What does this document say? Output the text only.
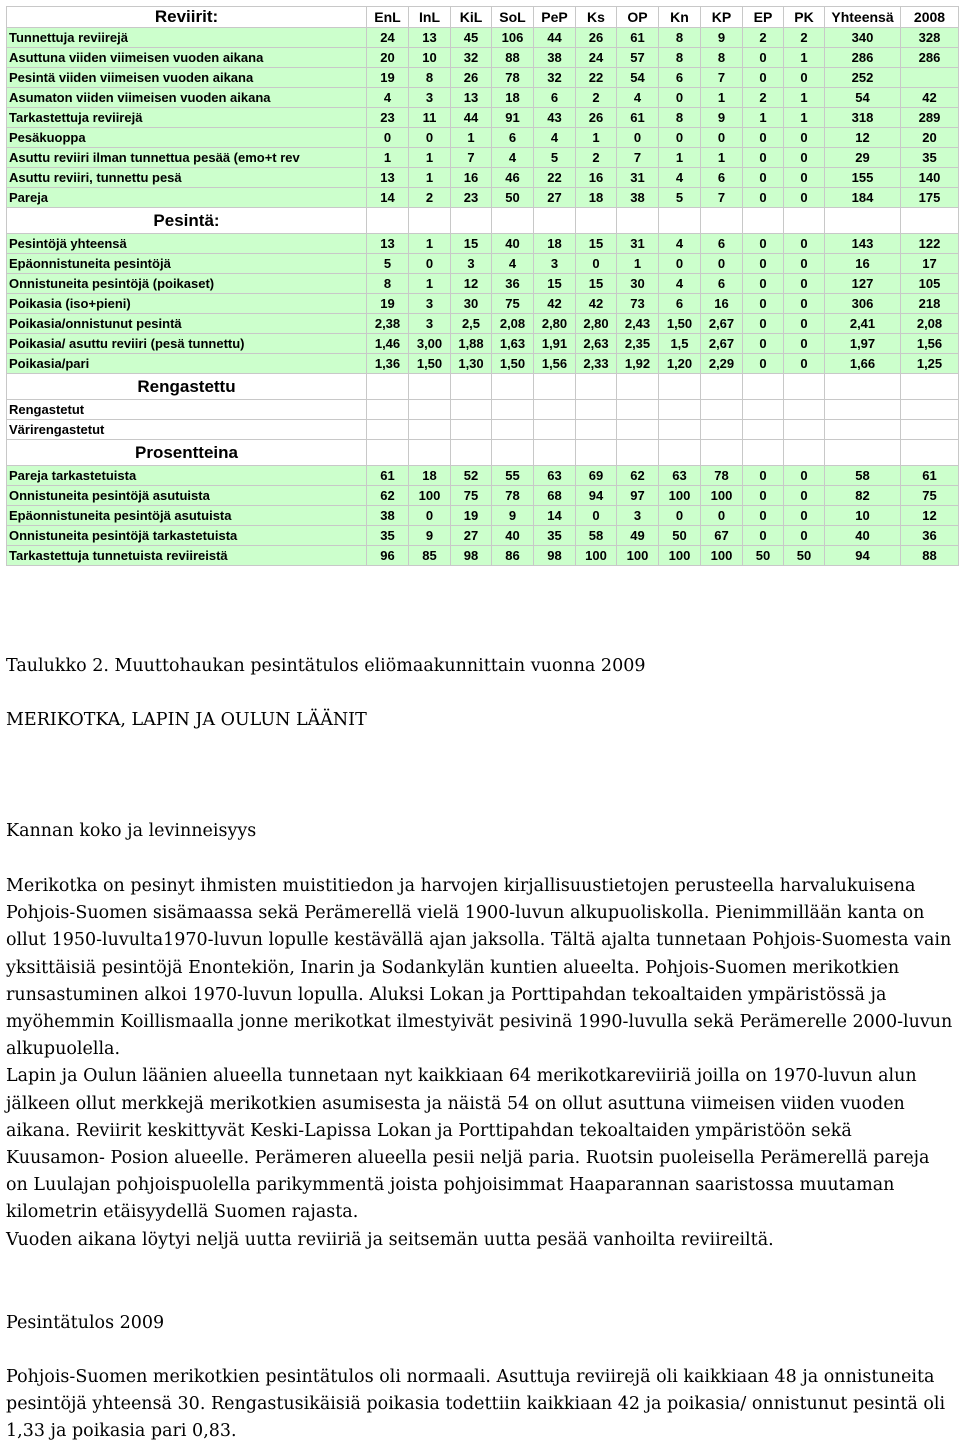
Reviirit:	EnL	InL	KiL	SoL	PeP	Ks	OP	Kn	KP	EP	PK	Yhteensä	2008
Tunnettuja reviirejä	24	13	45	106	44	26	61	8	9	2	2	340	328
Asuttuna viiden viimeisen vuoden aikana	20	10	32	88	38	24	57	8	8	0	1	286	286
Pesintä viiden viimeisen vuoden aikana	19	8	26	78	32	22	54	6	7	0	0	252	
Asumaton viiden viimeisen vuoden aikana	4	3	13	18	6	2	4	0	1	2	1	54	42
Tarkastettuja reviirejä	23	11	44	91	43	26	61	8	9	1	1	318	289
Pesäkuoppa	0	0	1	6	4	1	0	0	0	0	0	12	20
Asuttu reviiri ilman tunnettua pesää (emo+t rev	1	1	7	4	5	2	7	1	1	0	0	29	35
Asuttu reviiri, tunnettu pesä	13	1	16	46	22	16	31	4	6	0	0	155	140
Pareja	14	2	23	50	27	18	38	5	7	0	0	184	175
Pesintä:													
Pesintöjä yhteensä	13	1	15	40	18	15	31	4	6	0	0	143	122
Epäonnistuneita pesintöjä	5	0	3	4	3	0	1	0	0	0	0	16	17
Onnistuneita pesintöjä (poikaset)	8	1	12	36	15	15	30	4	6	0	0	127	105
Poikasia (iso+pieni)	19	3	30	75	42	42	73	6	16	0	0	306	218
Poikasia/onnistunut pesintä	2,38	3	2,5	2,08	2,80	2,80	2,43	1,50	2,67	0	0	2,41	2,08
Poikasia/ asuttu reviiri (pesä tunnettu)	1,46	3,00	1,88	1,63	1,91	2,63	2,35	1,5	2,67	0	0	1,97	1,56
Poikasia/pari	1,36	1,50	1,30	1,50	1,56	2,33	1,92	1,20	2,29	0	0	1,66	1,25
Rengastettu													
Rengastetut													
Värirengastetut													
Prosentteina													
Pareja tarkastetuista	61	18	52	55	63	69	62	63	78	0	0	58	61
Onnistuneita pesintöjä asutuista	62	100	75	78	68	94	97	100	100	0	0	82	75
Epäonnistuneita pesintöjä asutuista	38	0	19	9	14	0	3	0	0	0	0	10	12
Onnistuneita pesintöjä tarkastetuista	35	9	27	40	35	58	49	50	67	0	0	40	36
Tarkastettuja tunnetuista reviireistä	96	85	98	86	98	100	100	100	100	50	50	94	88

Taulukko 2. Muuttohaukan pesintätulos eliömaakunnittain vuonna 2009

MERIKOTKA, LAPIN JA OULUN LÄÄNIT

Kannan koko ja levinneisyys

Merikotka on pesinyt ihmisten muistitiedon ja harvojen kirjallisuustietojen perusteella harvalukuisena Pohjois-Suomen sisämaassa sekä Perämerellä vielä 1900-luvun alkupuoliskolla. Pienimmillään kanta on ollut 1950-luvulta1970-luvun lopulle kestävällä ajan jaksolla. Tältä ajalta tunnetaan Pohjois-Suomesta vain yksittäisiä pesintöjä Enontekiön, Inarin ja Sodankylän kuntien alueelta. Pohjois-Suomen merikotkien runsastuminen alkoi 1970-luvun lopulla. Aluksi Lokan ja Porttipahdan tekoaltaiden ympäristössä ja myöhemmin Koillismaalla jonne merikotkat ilmestyivät pesivinä 1990-luvulla sekä Perämerelle 2000-luvun alkupuolella.

Lapin ja Oulun läänien alueella tunnetaan nyt kaikkiaan 64 merikotkareviiriä joilla on 1970-luvun alun jälkeen ollut merkkejä merikotkien asumisesta ja näistä 54 on ollut asuttuna viimeisen viiden vuoden aikana. Reviirit keskittyvät Keski-Lapissa Lokan ja Porttipahdan tekoaltaiden ympäristöön sekä Kuusamon- Posion alueelle. Perämeren alueella pesii neljä paria. Ruotsin puoleisella Perämerellä pareja on Luulajan pohjoispuolella parikymmentä joista pohjoisimmat Haaparannan saaristossa muutaman kilometrin etäisyydellä Suomen rajasta.

Vuoden aikana löytyi neljä uutta reviiriä ja seitsemän uutta pesää vanhoilta reviireiltä.

Pesintätulos 2009

Pohjois-Suomen merikotkien pesintätulos oli normaali. Asuttuja reviirejä oli kaikkiaan 48 ja onnistuneita pesintöjä yhteensä 30. Rengastusikäisiä poikasia todettiin kaikkiaan 42 ja poikasia/ onnistunut pesintä oli 1,33 ja poikasia pari 0,83.
